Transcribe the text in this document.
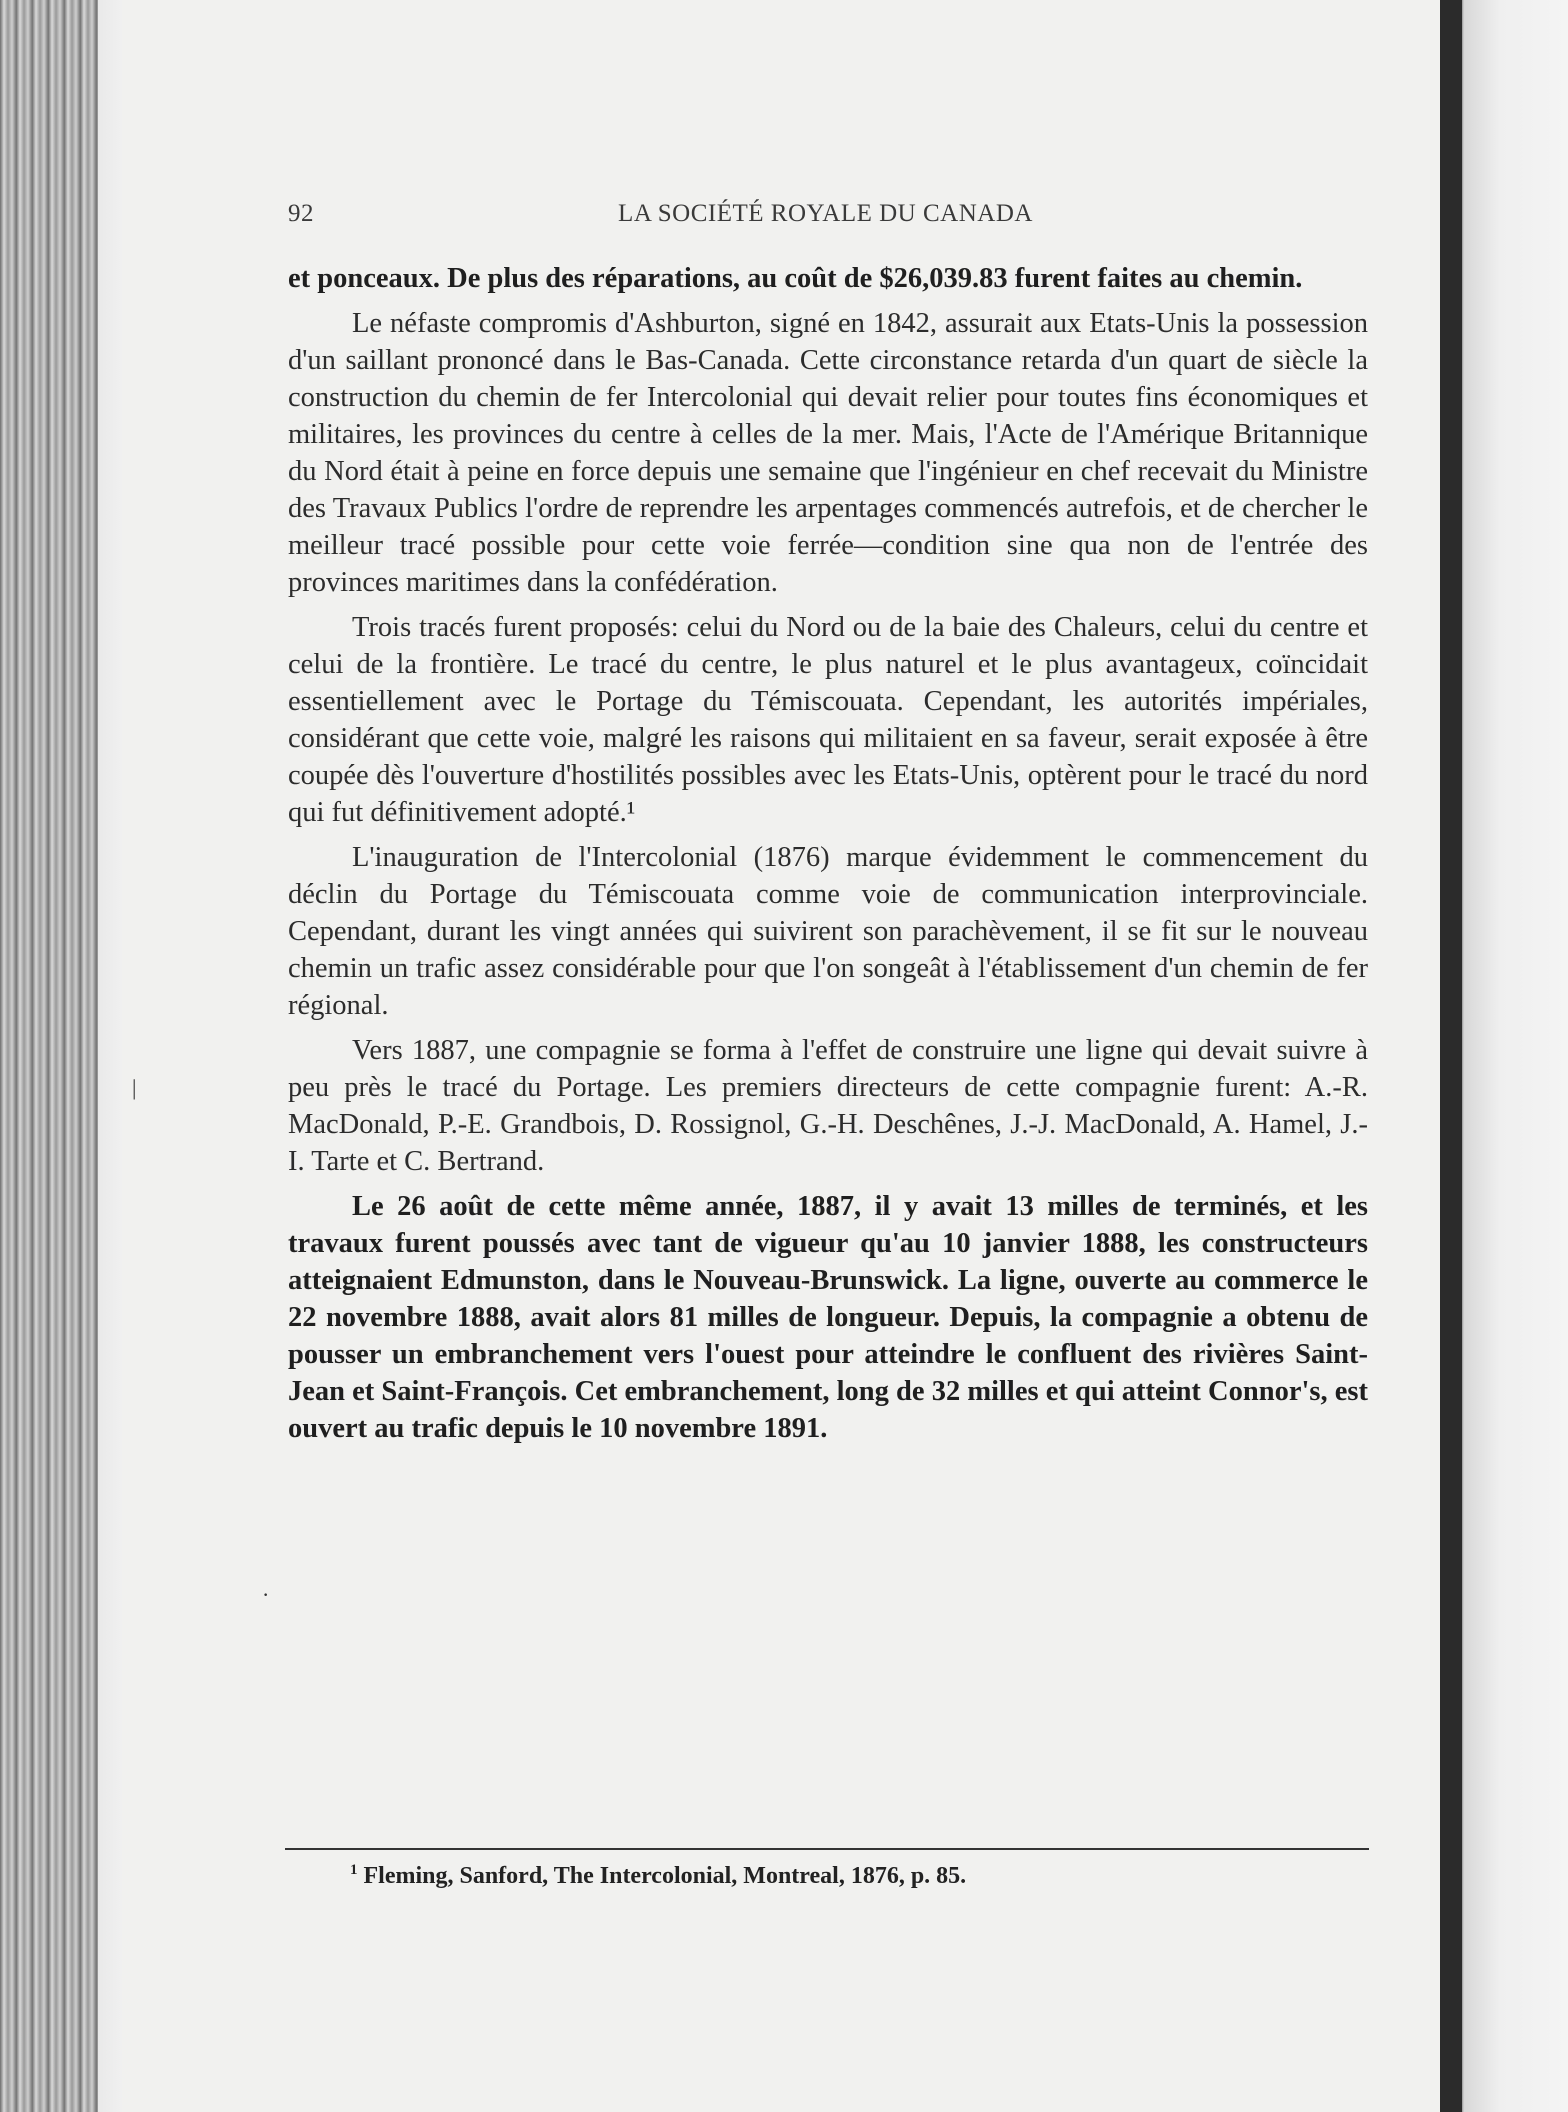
92	LA SOCIÉTÉ ROYALE DU CANADA

et ponceaux. De plus des réparations, au coût de $26,039.83 furent faites au chemin.

Le néfaste compromis d'Ashburton, signé en 1842, assurait aux Etats-Unis la possession d'un saillant prononcé dans le Bas-Canada. Cette circonstance retarda d'un quart de siècle la construction du chemin de fer Intercolonial qui devait relier pour toutes fins économiques et militaires, les provinces du centre à celles de la mer. Mais, l'Acte de l'Amérique Britannique du Nord était à peine en force depuis une semaine que l'ingénieur en chef recevait du Ministre des Travaux Publics l'ordre de reprendre les arpentages commencés autrefois, et de chercher le meilleur tracé possible pour cette voie ferrée—condition sine qua non de l'entrée des provinces maritimes dans la confédération.

Trois tracés furent proposés: celui du Nord ou de la baie des Chaleurs, celui du centre et celui de la frontière. Le tracé du centre, le plus naturel et le plus avantageux, coïncidait essentiellement avec le Portage du Témiscouata. Cependant, les autorités impériales, considérant que cette voie, malgré les raisons qui militaient en sa faveur, serait exposée à être coupée dès l'ouverture d'hostilités possibles avec les Etats-Unis, optèrent pour le tracé du nord qui fut définitivement adopté.¹

L'inauguration de l'Intercolonial (1876) marque évidemment le commencement du déclin du Portage du Témiscouata comme voie de communication interprovinciale. Cependant, durant les vingt années qui suivirent son parachèvement, il se fit sur le nouveau chemin un trafic assez considérable pour que l'on songeât à l'établissement d'un chemin de fer régional.

Vers 1887, une compagnie se forma à l'effet de construire une ligne qui devait suivre à peu près le tracé du Portage. Les premiers directeurs de cette compagnie furent: A.-R. MacDonald, P.-E. Grandbois, D. Rossignol, G.-H. Deschênes, J.-J. MacDonald, A. Hamel, J.-I. Tarte et C. Bertrand.

Le 26 août de cette même année, 1887, il y avait 13 milles de terminés, et les travaux furent poussés avec tant de vigueur qu'au 10 janvier 1888, les constructeurs atteignaient Edmunston, dans le Nouveau-Brunswick. La ligne, ouverte au commerce le 22 novembre 1888, avait alors 81 milles de longueur. Depuis, la compagnie a obtenu de pousser un embranchement vers l'ouest pour atteindre le confluent des rivières Saint-Jean et Saint-François. Cet embranchement, long de 32 milles et qui atteint Connor's, est ouvert au trafic depuis le 10 novembre 1891.

$^1$ Fleming, Sanford, The Intercolonial, Montreal, 1876, p. 85.
|
·
